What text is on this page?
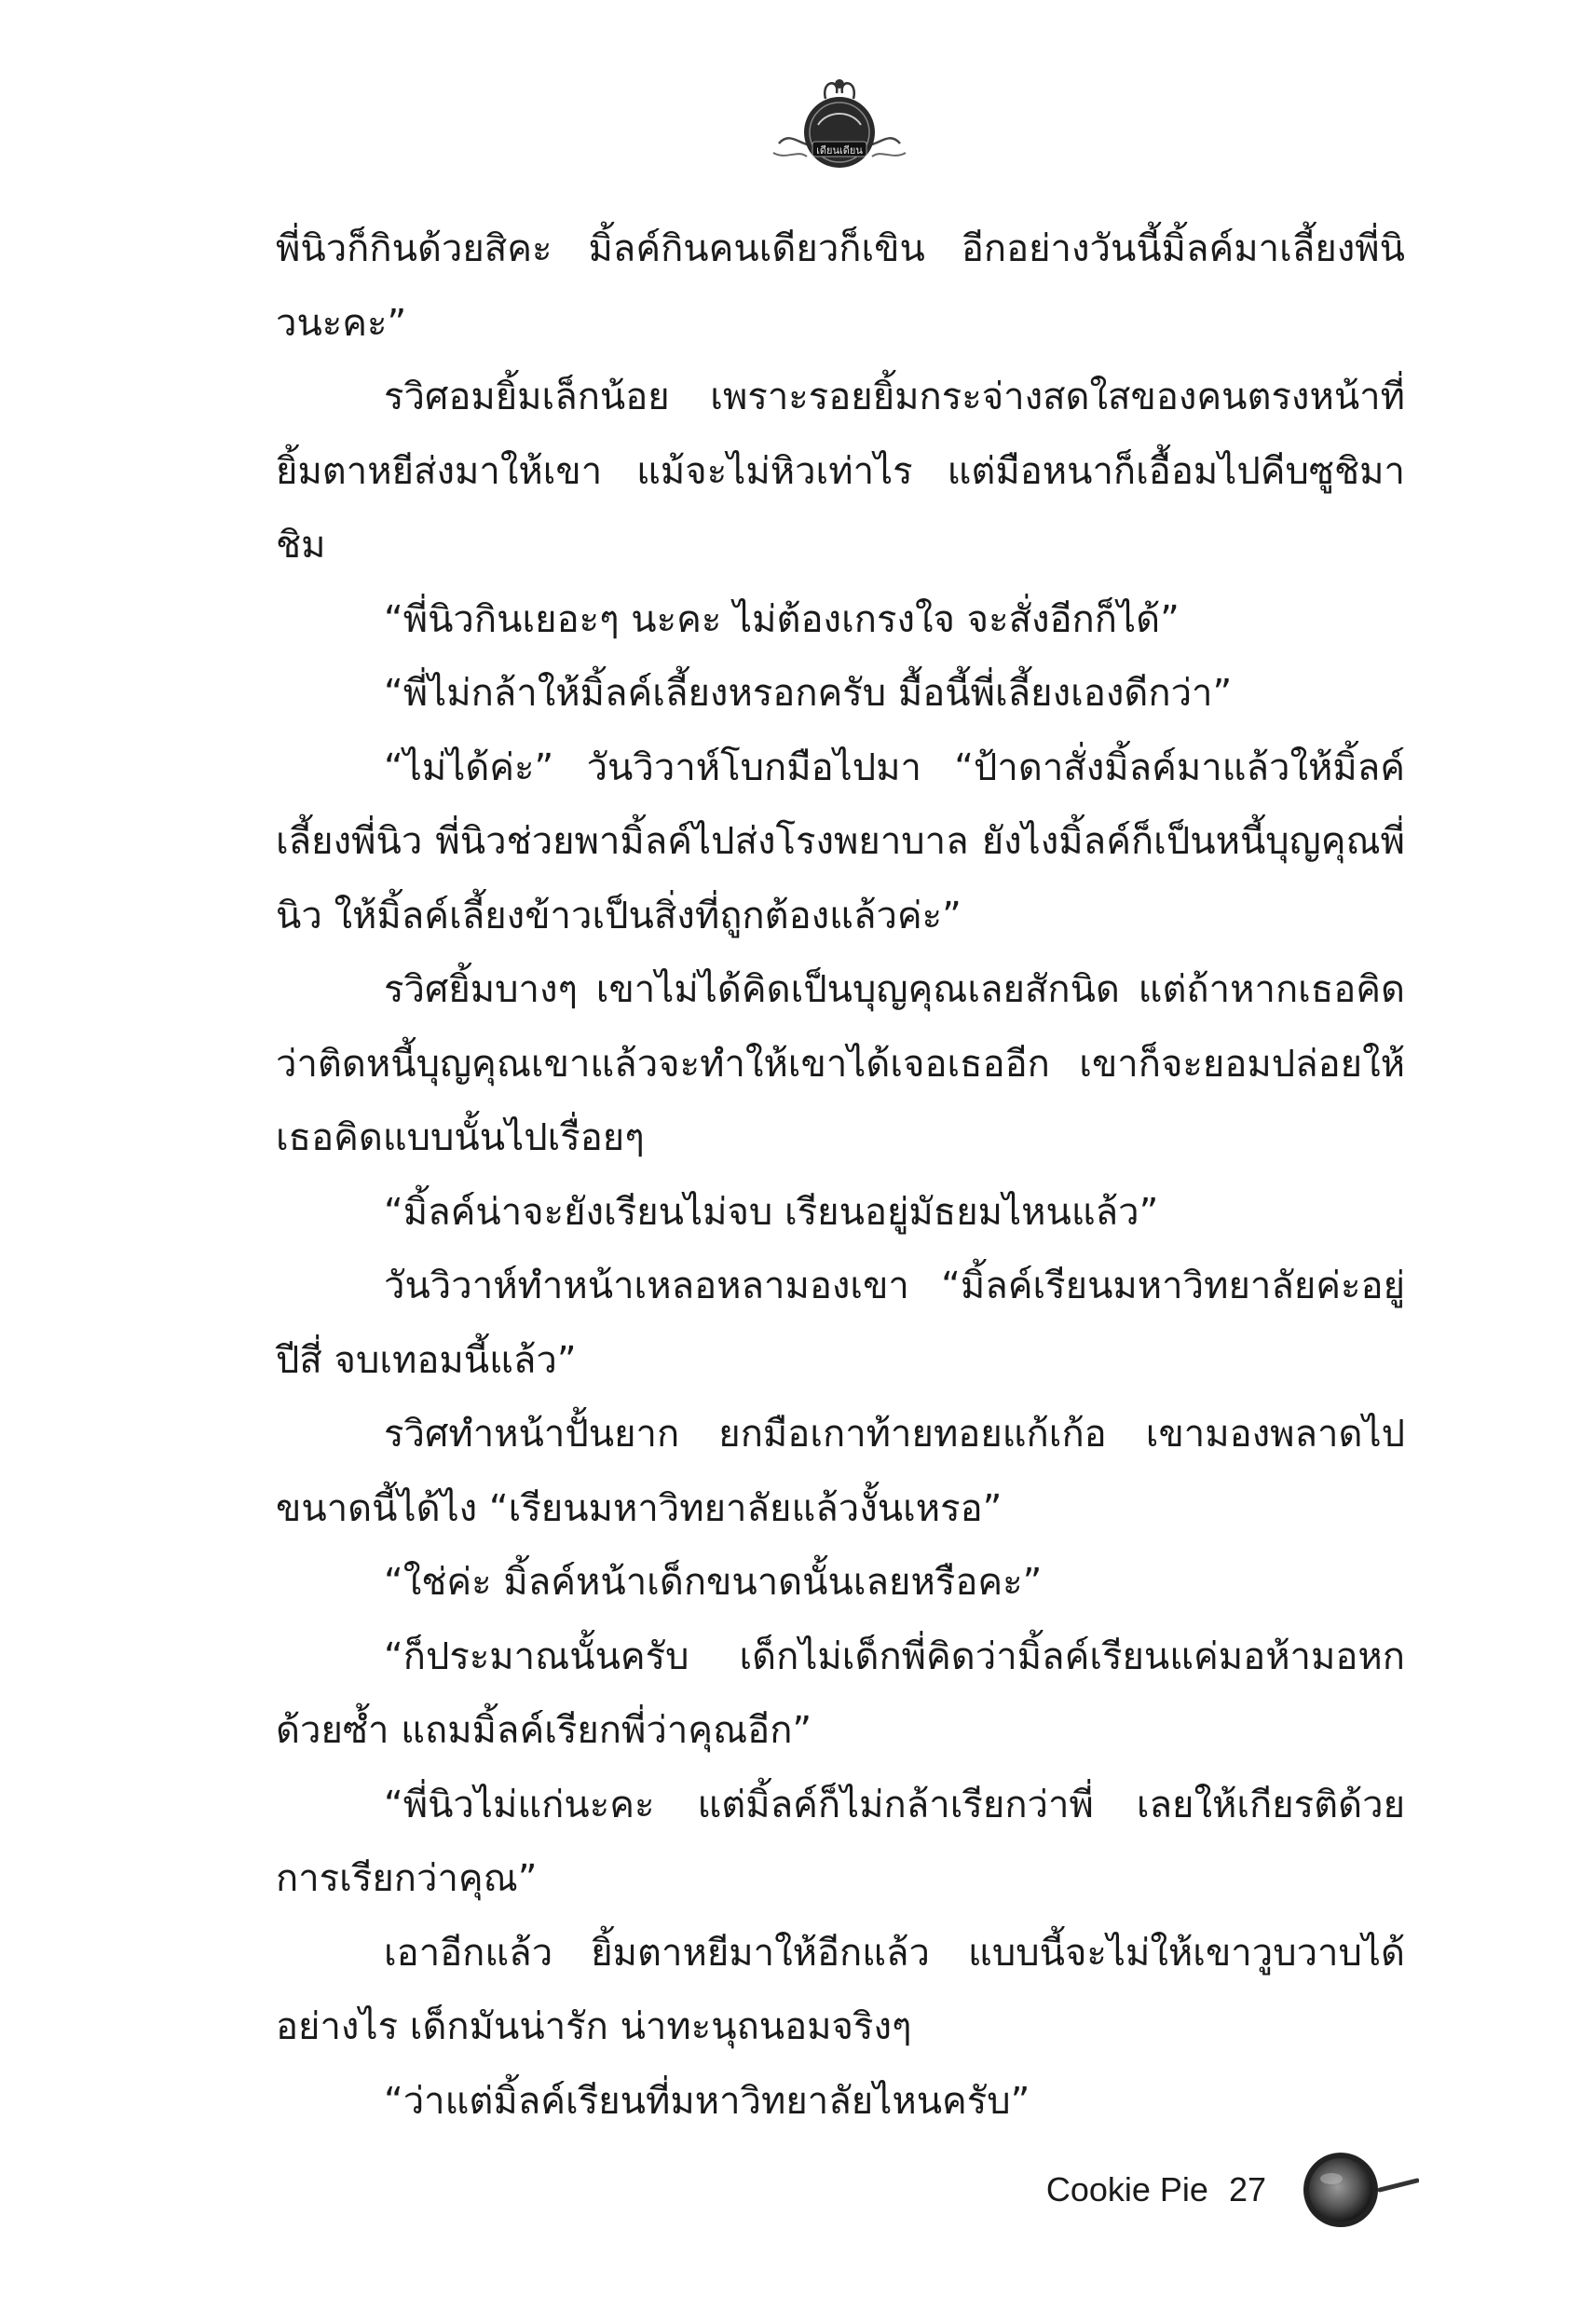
เดียนเดียน

พี่นิวก็กินด้วยสิคะ มิ้ลค์กินคนเดียวก็เขิน อีกอย่างวันนี้มิ้ลค์มาเลี้ยงพี่นิวนะคะ”

รวิศอมยิ้มเล็กน้อย เพราะรอยยิ้มกระจ่างสดใสของคนตรงหน้าที่ยิ้มตาหยีส่งมาให้เขา แม้จะไม่หิวเท่าไร แต่มือหนาก็เอื้อมไปคีบซูชิมาชิม

“พี่นิวกินเยอะๆ นะคะ ไม่ต้องเกรงใจ จะสั่งอีกก็ได้”

“พี่ไม่กล้าให้มิ้ลค์เลี้ยงหรอกครับ มื้อนี้พี่เลี้ยงเองดีกว่า”

“ไม่ได้ค่ะ” วันวิวาห์โบกมือไปมา “ป้าดาสั่งมิ้ลค์มาแล้วให้มิ้ลค์เลี้ยงพี่นิว พี่นิวช่วยพามิ้ลค์ไปส่งโรงพยาบาล ยังไงมิ้ลค์ก็เป็นหนี้บุญคุณพี่นิว ให้มิ้ลค์เลี้ยงข้าวเป็นสิ่งที่ถูกต้องแล้วค่ะ”

รวิศยิ้มบางๆ เขาไม่ได้คิดเป็นบุญคุณเลยสักนิด แต่ถ้าหากเธอคิดว่าติดหนี้บุญคุณเขาแล้วจะทำให้เขาได้เจอเธออีก เขาก็จะยอมปล่อยให้เธอคิดแบบนั้นไปเรื่อยๆ

“มิ้ลค์น่าจะยังเรียนไม่จบ เรียนอยู่มัธยมไหนแล้ว”

วันวิวาห์ทำหน้าเหลอหลามองเขา “มิ้ลค์เรียนมหาวิทยาลัยค่ะอยู่ปีสี่ จบเทอมนี้แล้ว”

รวิศทำหน้าปั้นยาก ยกมือเกาท้ายทอยแก้เก้อ เขามองพลาดไปขนาดนี้ได้ไง “เรียนมหาวิทยาลัยแล้วงั้นเหรอ”

“ใช่ค่ะ มิ้ลค์หน้าเด็กขนาดนั้นเลยหรือคะ”

“ก็ประมาณนั้นครับ เด็กไม่เด็กพี่คิดว่ามิ้ลค์เรียนแค่มอห้ามอหกด้วยซ้ำ แถมมิ้ลค์เรียกพี่ว่าคุณอีก”

“พี่นิวไม่แก่นะคะ แต่มิ้ลค์ก็ไม่กล้าเรียกว่าพี่ เลยให้เกียรติด้วยการเรียกว่าคุณ”

เอาอีกแล้ว ยิ้มตาหยีมาให้อีกแล้ว แบบนี้จะไม่ให้เขาวูบวาบได้อย่างไร เด็กมันน่ารัก น่าทะนุถนอมจริงๆ

“ว่าแต่มิ้ลค์เรียนที่มหาวิทยาลัยไหนครับ”

Cookie Pie 27
